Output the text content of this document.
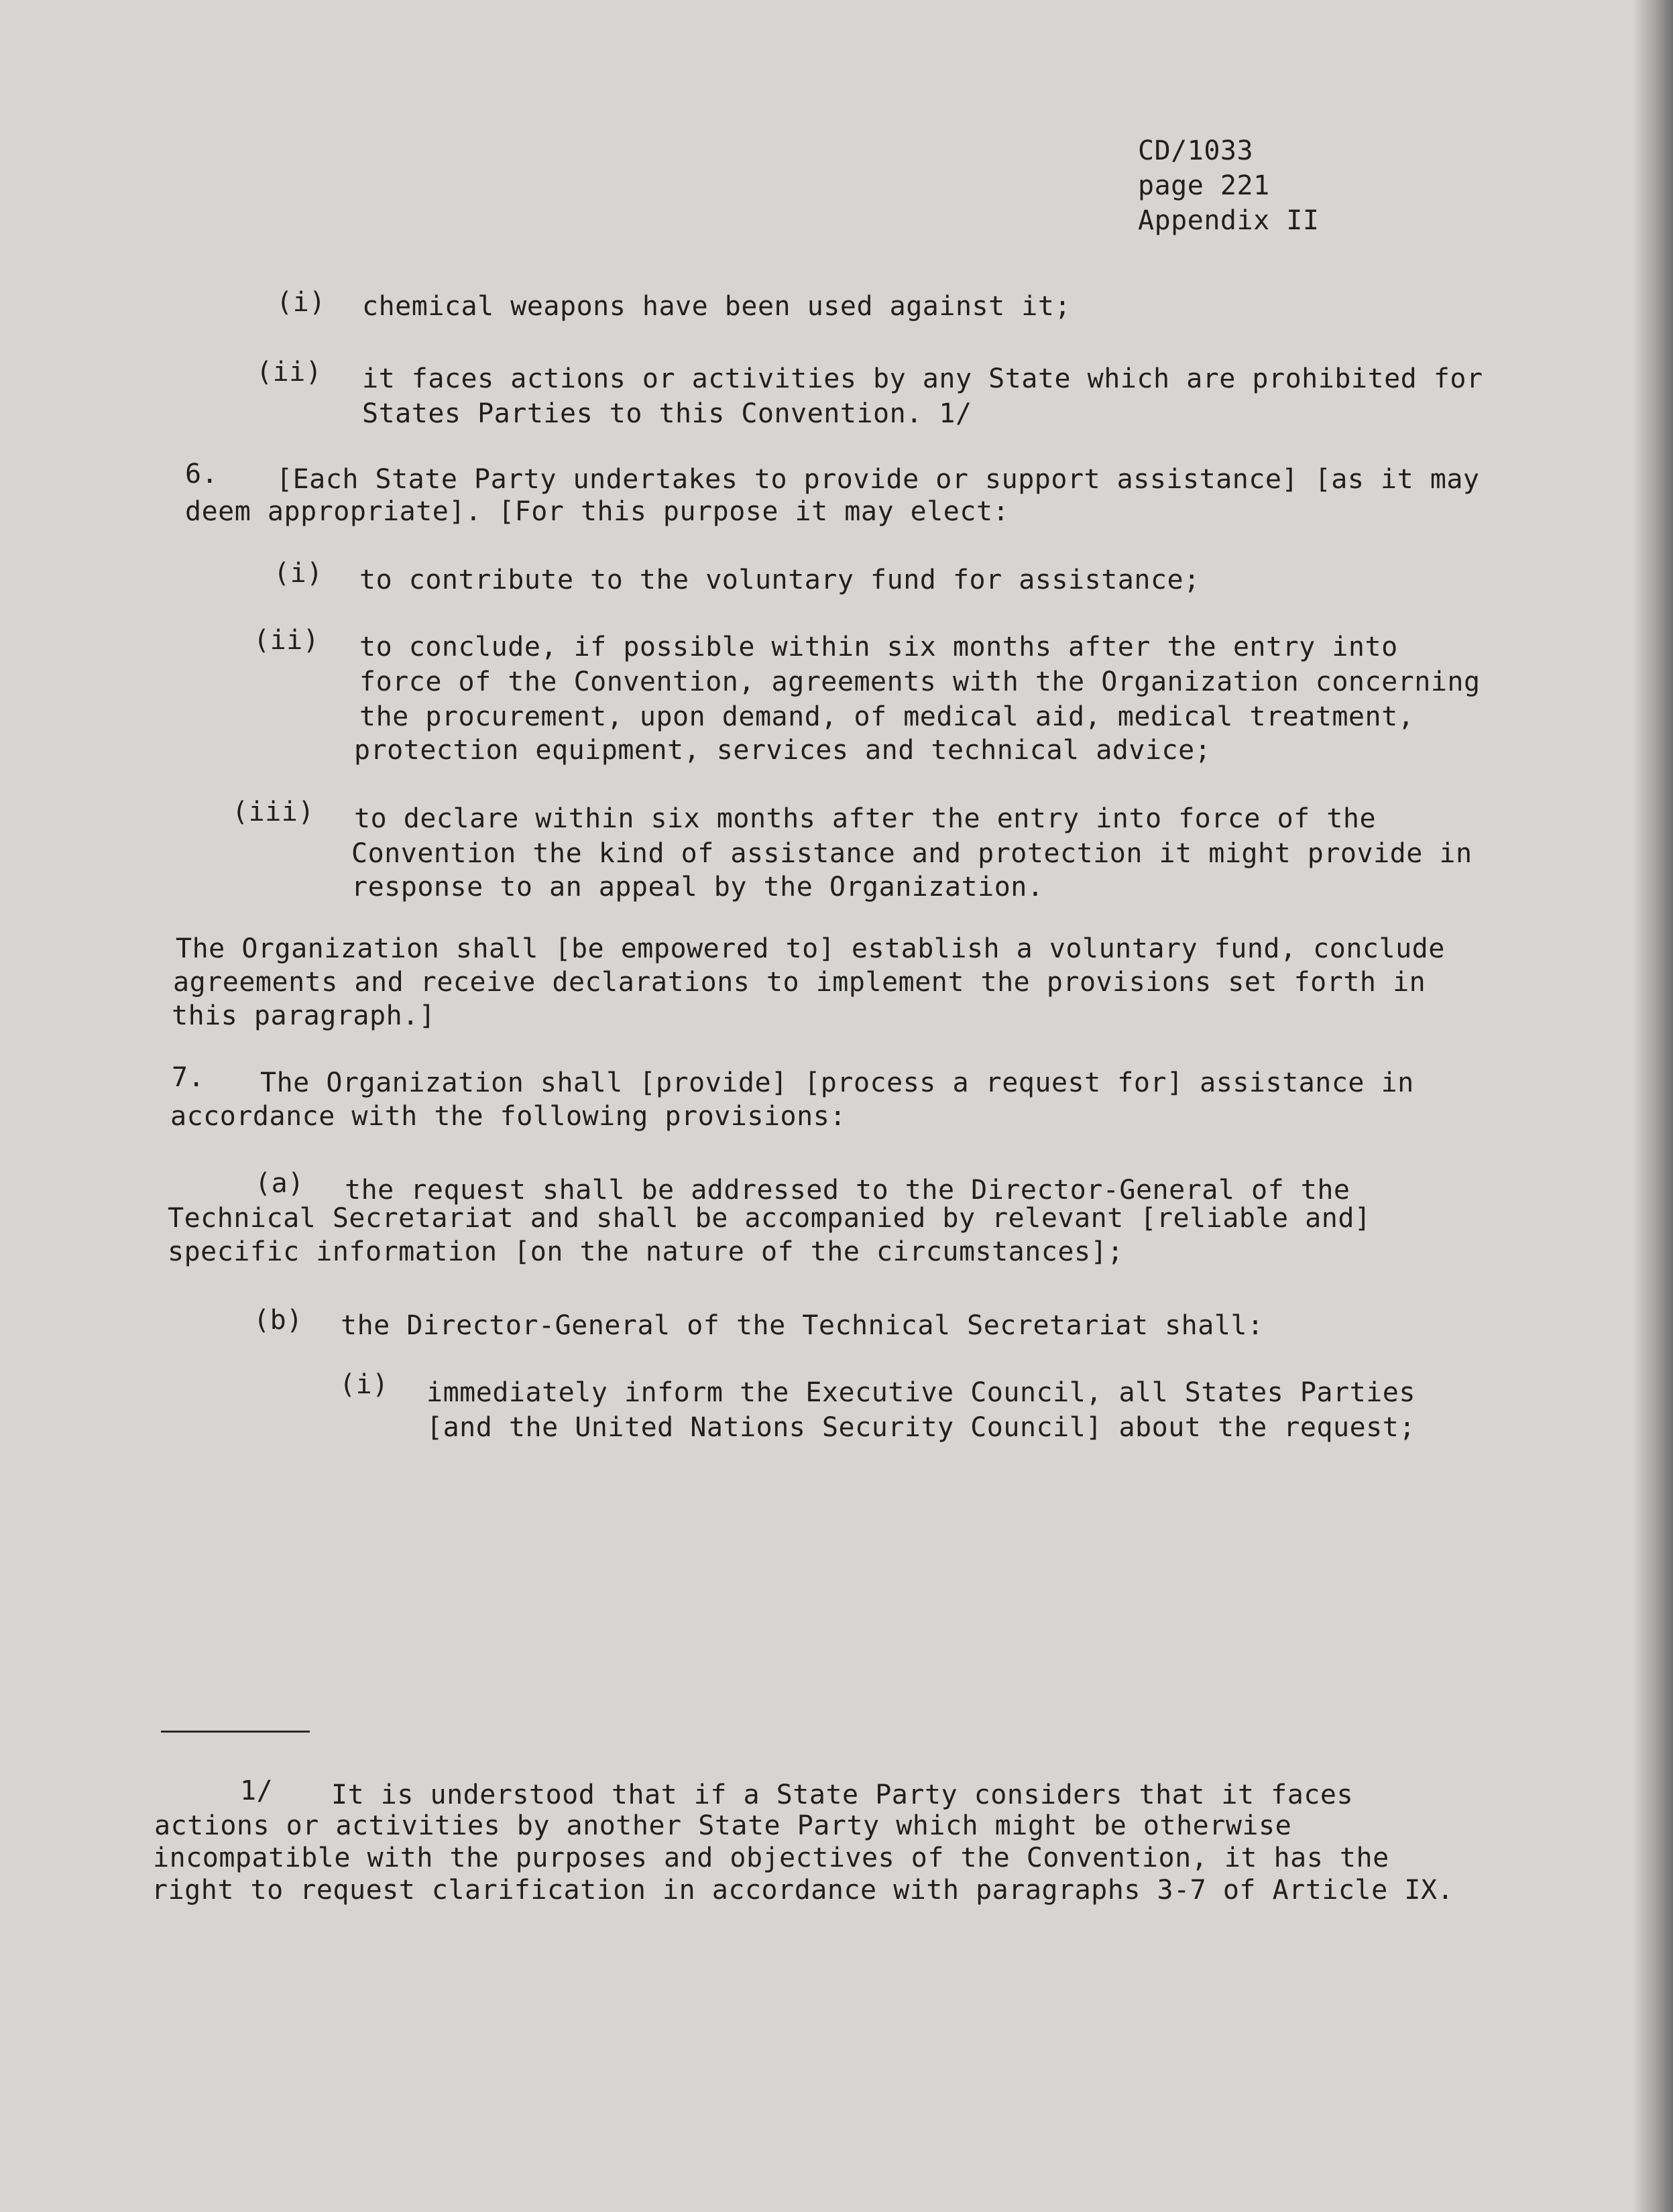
CD/1033
page 221
Appendix II
(i) chemical weapons have been used against it;
(ii) it faces actions or activities by any State which are prohibited for
States Parties to this Convention. 1/
6. [Each State Party undertakes to provide or support assistance] [as it may
deem appropriate]. [For this purpose it may elect:
(i) to contribute to the voluntary fund for assistance;
(ii) to conclude, if possible within six months after the entry into
force of the Convention, agreements with the Organization concerning
the procurement, upon demand, of medical aid, medical treatment,
protection equipment, services and technical advice;
(iii) to declare within six months after the entry into force of the
Convention the kind of assistance and protection it might provide in
response to an appeal by the Organization.
The Organization shall [be empowered to] establish a voluntary fund, conclude
agreements and receive declarations to implement the provisions set forth in
this paragraph.]
7. The Organization shall [provide] [process a request for] assistance in
accordance with the following provisions:
(a) the request shall be addressed to the Director-General of the
Technical Secretariat and shall be accompanied by relevant [reliable and]
specific information [on the nature of the circumstances];
(b) the Director-General of the Technical Secretariat shall:
(i) immediately inform the Executive Council, all States Parties
[and the United Nations Security Council] about the request;
1/ It is understood that if a State Party considers that it faces
actions or activities by another State Party which might be otherwise
incompatible with the purposes and objectives of the Convention, it has the
right to request clarification in accordance with paragraphs 3-7 of Article IX.
